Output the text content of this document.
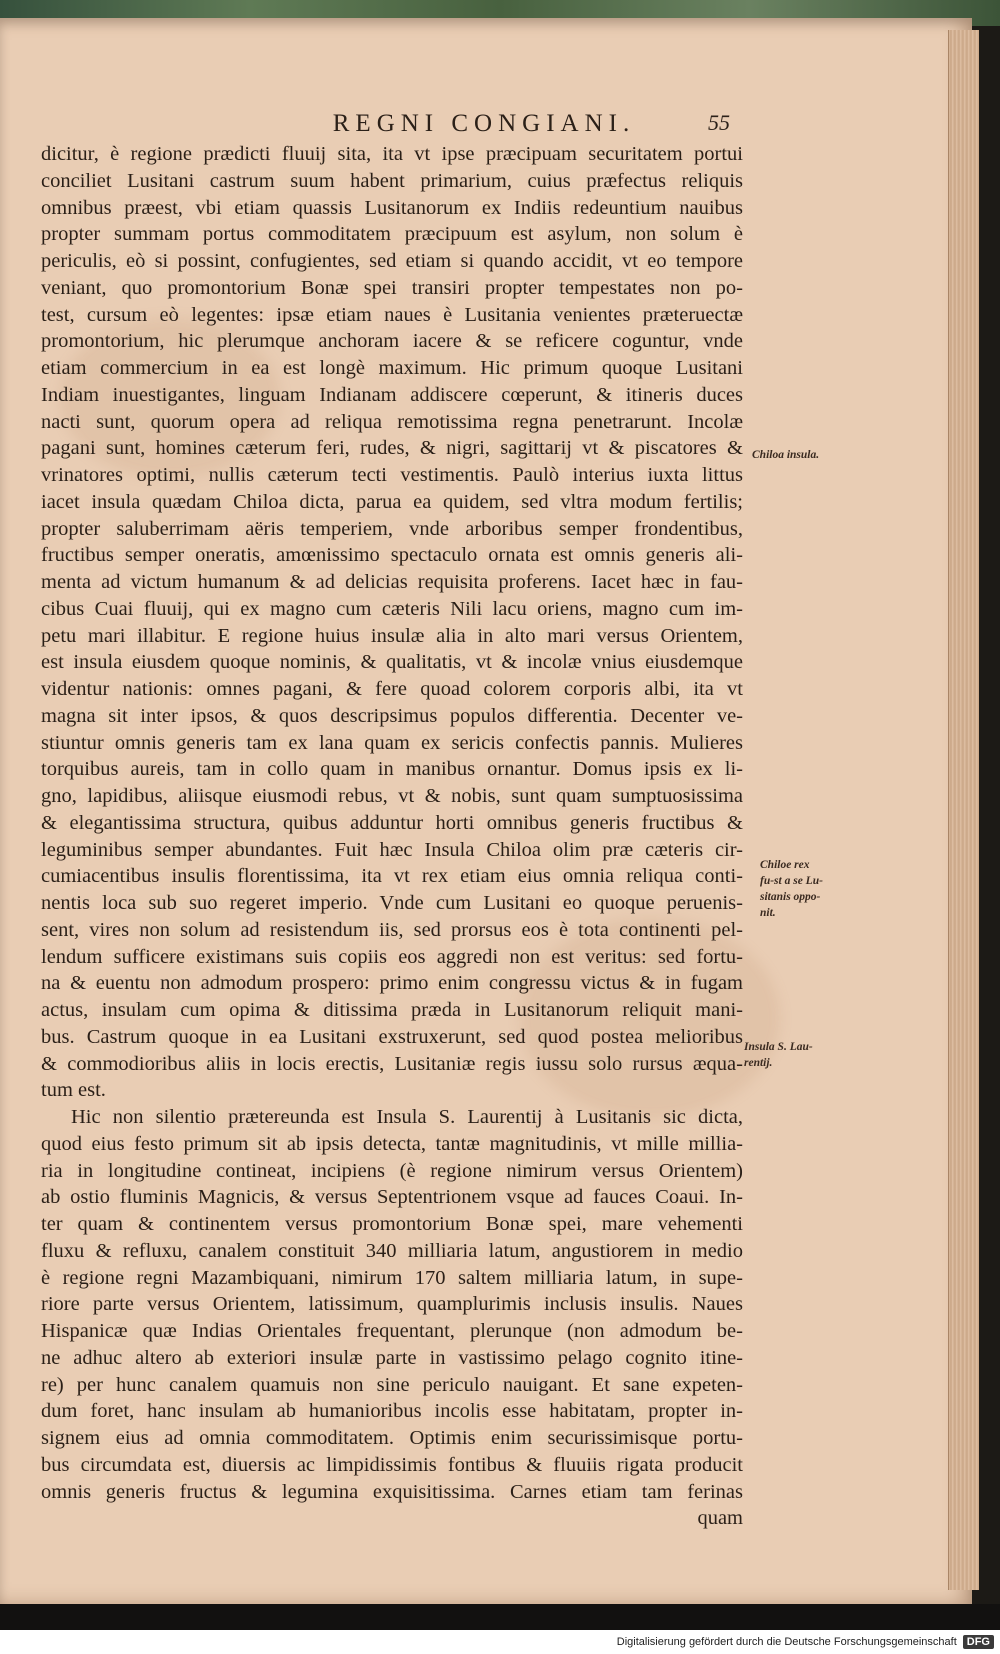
REGNI CONGIANI.	55
dicitur, è regione prædicti fluuij sita, ita vt ipse præcipuam securitatem portui
conciliet Lusitani castrum suum habent primarium, cuius præfectus reliquis
omnibus præest, vbi etiam quassis Lusitanorum ex Indiis redeuntium nauibus
propter summam portus commoditatem præcipuum est asylum, non solum è
periculis, eò si possint, confugientes, sed etiam si quando accidit, vt eo tempore
veniant, quo promontorium Bonæ spei transiri propter tempestates non po-
test, cursum eò legentes: ipsæ etiam naues è Lusitania venientes præteruectæ
promontorium, hic plerumque anchoram iacere & se reficere coguntur, vnde
etiam commercium in ea est longè maximum. Hic primum quoque Lusitani
Indiam inuestigantes, linguam Indianam addiscere cœperunt, & itineris duces
nacti sunt, quorum opera ad reliqua remotissima regna penetrarunt. Incolæ
pagani sunt, homines cæterum feri, rudes, & nigri, sagittarij vt & piscatores &
vrinatores optimi, nullis cæterum tecti vestimentis. Paulò interius iuxta littus
iacet insula quædam Chiloa dicta, parua ea quidem, sed vltra modum fertilis;
propter saluberrimam aëris temperiem, vnde arboribus semper frondentibus,
fructibus semper oneratis, amœnissimo spectaculo ornata est omnis generis ali-
menta ad victum humanum & ad delicias requisita proferens. Iacet hæc in fau-
cibus Cuai fluuij, qui ex magno cum cæteris Nili lacu oriens, magno cum im-
petu mari illabitur. E regione huius insulæ alia in alto mari versus Orientem,
est insula eiusdem quoque nominis, & qualitatis, vt & incolæ vnius eiusdemque
videntur nationis: omnes pagani, & fere quoad colorem corporis albi, ita vt
magna sit inter ipsos, & quos descripsimus populos differentia. Decenter ve-
stiuntur omnis generis tam ex lana quam ex sericis confectis pannis. Mulieres
torquibus aureis, tam in collo quam in manibus ornantur. Domus ipsis ex li-
gno, lapidibus, aliisque eiusmodi rebus, vt & nobis, sunt quam sumptuosissima
& elegantissima structura, quibus adduntur horti omnibus generis fructibus &
leguminibus semper abundantes. Fuit hæc Insula Chiloa olim præ cæteris cir-
cumiacentibus insulis florentissima, ita vt rex etiam eius omnia reliqua conti-
nentis loca sub suo regeret imperio. Vnde cum Lusitani eo quoque peruenis-
sent, vires non solum ad resistendum iis, sed prorsus eos è tota continenti pel-
lendum sufficere existimans suis copiis eos aggredi non est veritus: sed fortu-
na & euentu non admodum prospero: primo enim congressu victus & in fugam
actus, insulam cum opima & ditissima præda in Lusitanorum reliquit mani-
bus. Castrum quoque in ea Lusitani exstruxerunt, sed quod postea melioribus
& commodioribus aliis in locis erectis, Lusitaniæ regis iussu solo rursus æqua-
tum est.
Hic non silentio prætereunda est Insula S. Laurentij à Lusitanis sic dicta,
quod eius festo primum sit ab ipsis detecta, tantæ magnitudinis, vt mille millia-
ria in longitudine contineat, incipiens (è regione nimirum versus Orientem)
ab ostio fluminis Magnicis, & versus Septentrionem vsque ad fauces Coaui. In-
ter quam & continentem versus promontorium Bonæ spei, mare vehementi
fluxu & refluxu, canalem constituit 340 milliaria latum, angustiorem in medio
è regione regni Mazambiquani, nimirum 170 saltem milliaria latum, in supe-
riore parte versus Orientem, latissimum, quamplurimis inclusis insulis. Naues
Hispanicæ quæ Indias Orientales frequentant, plerunque (non admodum be-
ne adhuc altero ab exteriori insulæ parte in vastissimo pelago cognito itine-
re) per hunc canalem quamuis non sine periculo nauigant. Et sane expeten-
dum foret, hanc insulam ab humanioribus incolis esse habitatam, propter in-
signem eius ad omnia commoditatem. Optimis enim securissimisque portu-
bus circumdata est, diuersis ac limpidissimis fontibus & fluuiis rigata producit
omnis generis fructus & legumina exquisitissima. Carnes etiam tam ferinas
quam
Chiloa insula.
Chiloe rex
fu-st a se Lu-
sitanis oppo-
nit.
Insula S. Lau-
rentij.
Digitalisierung gefördert durch die Deutsche Forschungsgemeinschaft DFG
